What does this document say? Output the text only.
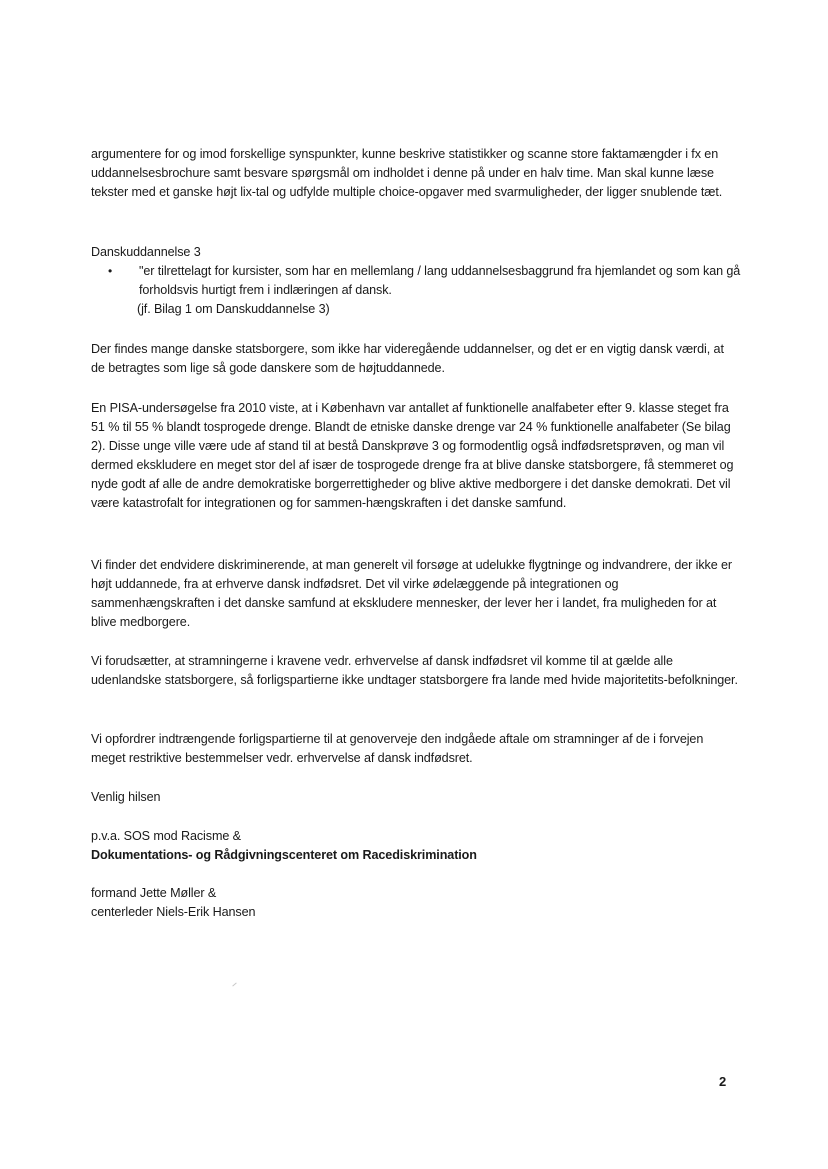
argumentere for og imod forskellige synspunkter, kunne beskrive statistikker og scanne store faktamængder i fx en uddannelsesbrochure samt besvare spørgsmål om indholdet i denne på under en halv time. Man skal kunne læse tekster med et ganske højt lix-tal og udfylde multiple choice-opgaver med svarmuligheder, der ligger snublende tæt.

Danskuddannelse 3

•	"er tilrettelagt for kursister, som har en mellemlang / lang uddannelsesbaggrund fra hjemlandet og som kan gå forholdsvis hurtigt frem i indlæringen af dansk.

(jf. Bilag 1 om Danskuddannelse 3)

Der findes mange danske statsborgere, som ikke har videregående uddannelser, og det er en vigtig dansk værdi, at de betragtes som lige så gode danskere som de højtuddannede.

En PISA-undersøgelse fra 2010 viste, at i København var antallet af funktionelle analfabeter efter 9. klasse steget fra 51 % til 55 % blandt tosprogede drenge. Blandt de etniske danske drenge var 24 % funktionelle analfabeter (Se bilag 2). Disse unge ville være ude af stand til at bestå Danskprøve 3 og formodentlig også indfødsretsprøven, og man vil dermed ekskludere en meget stor del af især de tosprogede drenge fra at blive danske statsborgere, få stemmeret og nyde godt af alle de andre demokratiske borgerrettigheder og blive aktive medborgere i det danske demokrati. Det vil være katastrofalt for integrationen og for sammen-hængskraften i det danske samfund.

Vi finder det endvidere diskriminerende, at man generelt vil forsøge at udelukke flygtninge og indvandrere, der ikke er højt uddannede, fra at erhverve dansk indfødsret. Det vil virke ødelæggende på integrationen og sammenhængskraften i det danske samfund at ekskludere mennesker, der lever her i landet, fra muligheden for at blive medborgere.

Vi forudsætter, at stramningerne i kravene vedr. erhvervelse af dansk indfødsret vil komme til at gælde alle udenlandske statsborgere, så forligspartierne ikke undtager statsborgere fra lande med hvide majoritetits-befolkninger.

Vi opfordrer indtrængende forligspartierne til at genoverveje den indgåede aftale om stramninger af de i forvejen meget restriktive bestemmelser vedr. erhvervelse af dansk indfødsret.

Venlig hilsen

p.v.a. SOS mod Racisme &

Dokumentations- og Rådgivningscenteret om Racediskrimination

formand Jette Møller &

centerleder Niels-Erik Hansen

2
